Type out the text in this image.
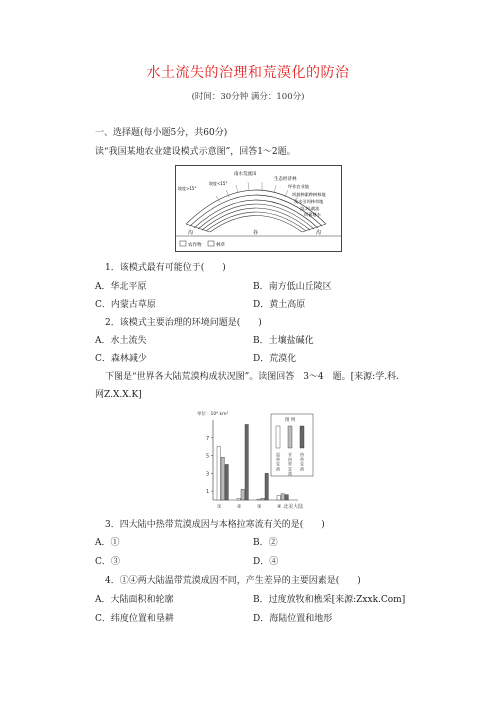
水土流失的治理和荒漠化的防治
(时间：30分钟 满分：100分)
一、选择题(每小题5分，共60分)
读“我国某地农业建设模式示意图”，回答1～2题。
南水荒流田
生态经济林
坡度>15°
坡度<15°
坪作农业地
坝坡种素种树林地
及水引坝林草地
沟,坝,截流
坝蓄塘水
沟	谷	沟
农作物	林草
1．该模式最有可能位于(　　)
A．华北平原	B．南方低山丘陵区
C．内蒙古草原	D．黄土高原
2．该模式主要治理的环境问题是(　　)
A．水土流失	B．土壤盐碱化
C．森林减少	D．荒漠化
下图是“世界各大陆荒漠构成状况图”。读图回答　3～4　题。[来源:学.科.
网Z.X.X.K]
单位：10⁶ km²
1
3
5
7
①	②	③	④ 北美大陆
图 例
温
带
荒
漠
亚
热
带
荒
漠
热
带
荒
漠
3．四大陆中热带荒漠成因与本格拉寒流有关的是(　　)
A．①	B．②
C．③	D．④
4．①④两大陆温带荒漠成因不同，产生差异的主要因素是(　　)
A．大陆面积和轮廓	B．过度放牧和樵采[来源:Zxxk.Com]
C．纬度位置和垦耕	D．海陆位置和地形
